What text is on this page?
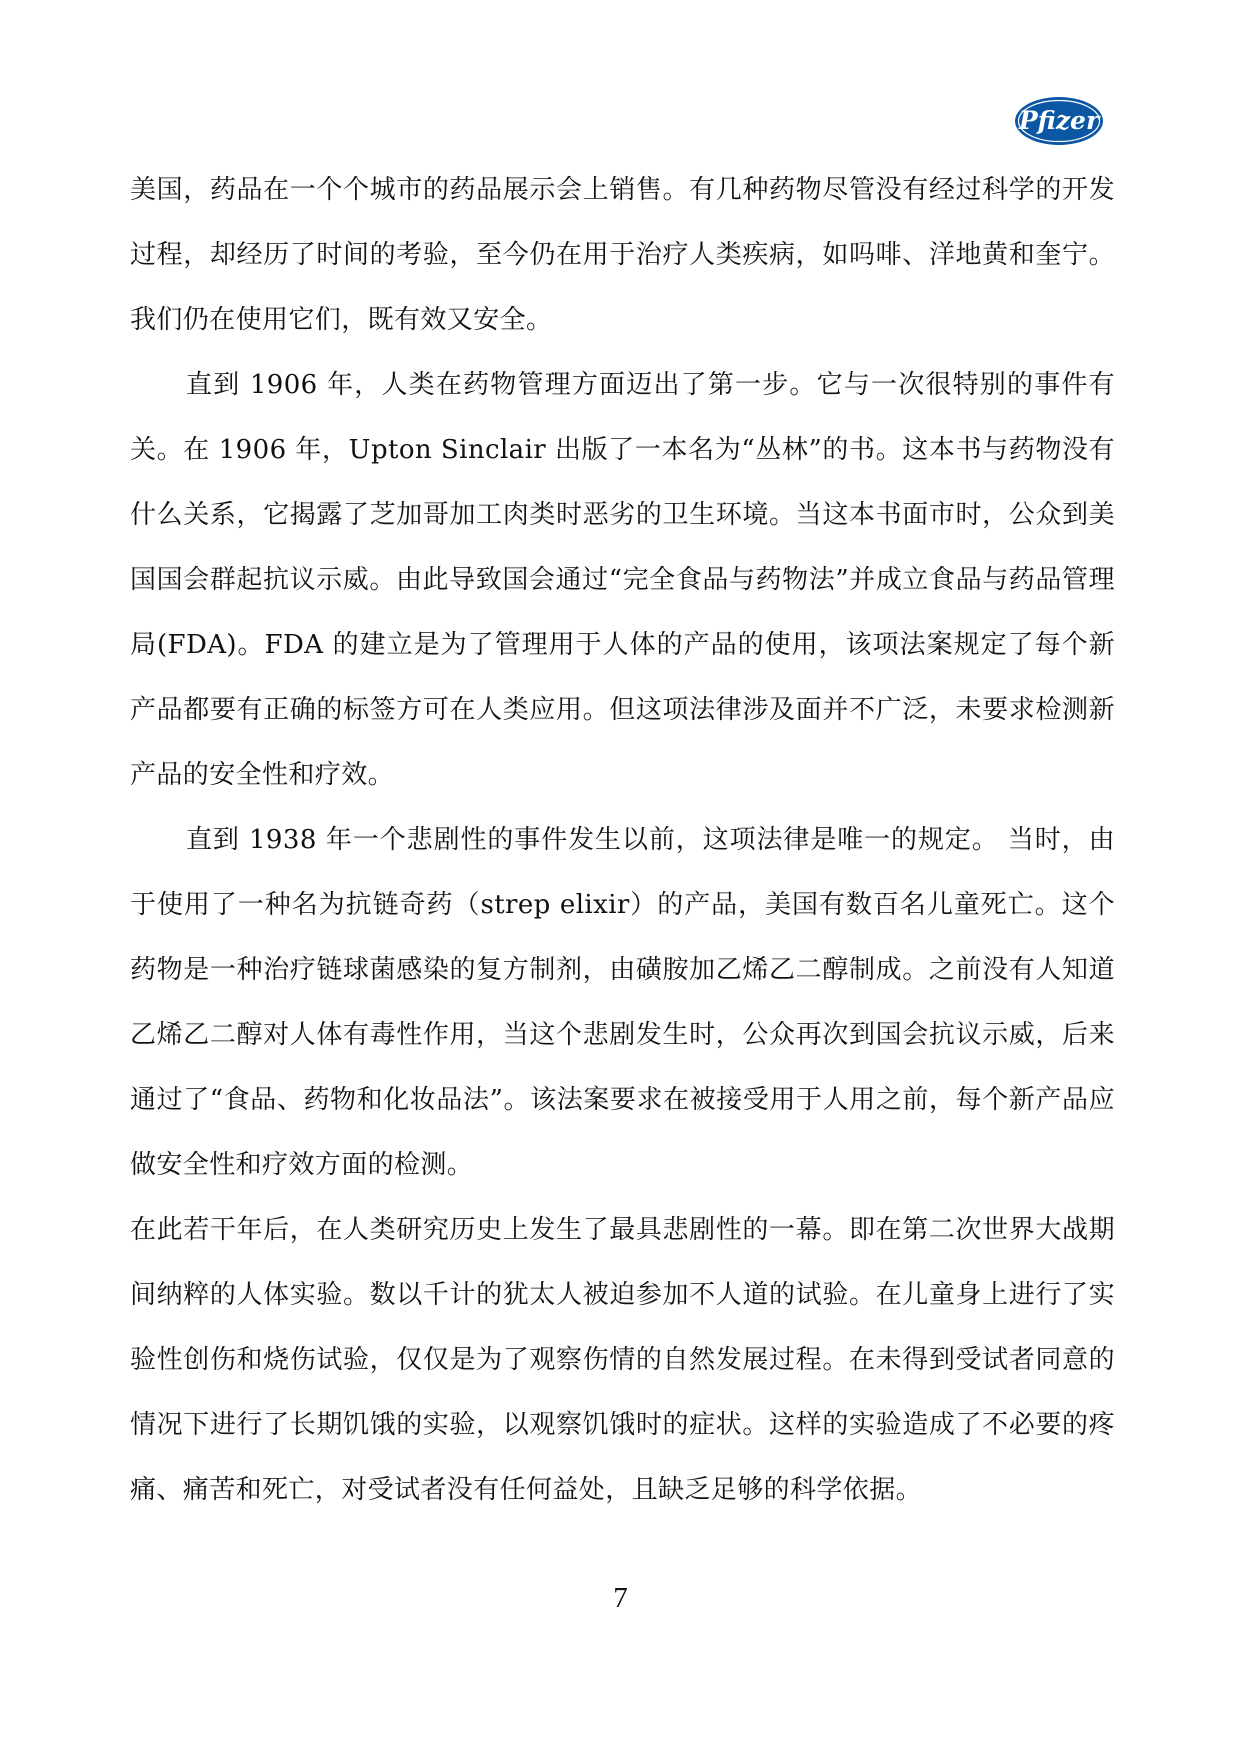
Pfizer

美国，药品在一个个城市的药品展示会上销售。有几种药物尽管没有经过科学的开发过程，却经历了时间的考验，至今仍在用于治疗人类疾病，如吗啡、洋地黄和奎宁。我们仍在使用它们，既有效又安全。

直到 1906 年，人类在药物管理方面迈出了第一步。它与一次很特别的事件有关。在 1906 年，Upton Sinclair 出版了一本名为“丛林”的书。这本书与药物没有什么关系，它揭露了芝加哥加工肉类时恶劣的卫生环境。当这本书面市时，公众到美国国会群起抗议示威。由此导致国会通过“完全食品与药物法”并成立食品与药品管理局(FDA)。FDA 的建立是为了管理用于人体的产品的使用，该项法案规定了每个新产品都要有正确的标签方可在人类应用。但这项法律涉及面并不广泛，未要求检测新产品的安全性和疗效。

直到 1938 年一个悲剧性的事件发生以前，这项法律是唯一的规定。 当时，由于使用了一种名为抗链奇药（strep elixir）的产品，美国有数百名儿童死亡。这个药物是一种治疗链球菌感染的复方制剂，由磺胺加乙烯乙二醇制成。之前没有人知道乙烯乙二醇对人体有毒性作用，当这个悲剧发生时，公众再次到国会抗议示威，后来通过了“食品、药物和化妆品法”。该法案要求在被接受用于人用之前，每个新产品应做安全性和疗效方面的检测。

在此若干年后，在人类研究历史上发生了最具悲剧性的一幕。即在第二次世界大战期间纳粹的人体实验。数以千计的犹太人被迫参加不人道的试验。在儿童身上进行了实验性创伤和烧伤试验，仅仅是为了观察伤情的自然发展过程。在未得到受试者同意的情况下进行了长期饥饿的实验，以观察饥饿时的症状。这样的实验造成了不必要的疼痛、痛苦和死亡，对受试者没有任何益处，且缺乏足够的科学依据。

7
